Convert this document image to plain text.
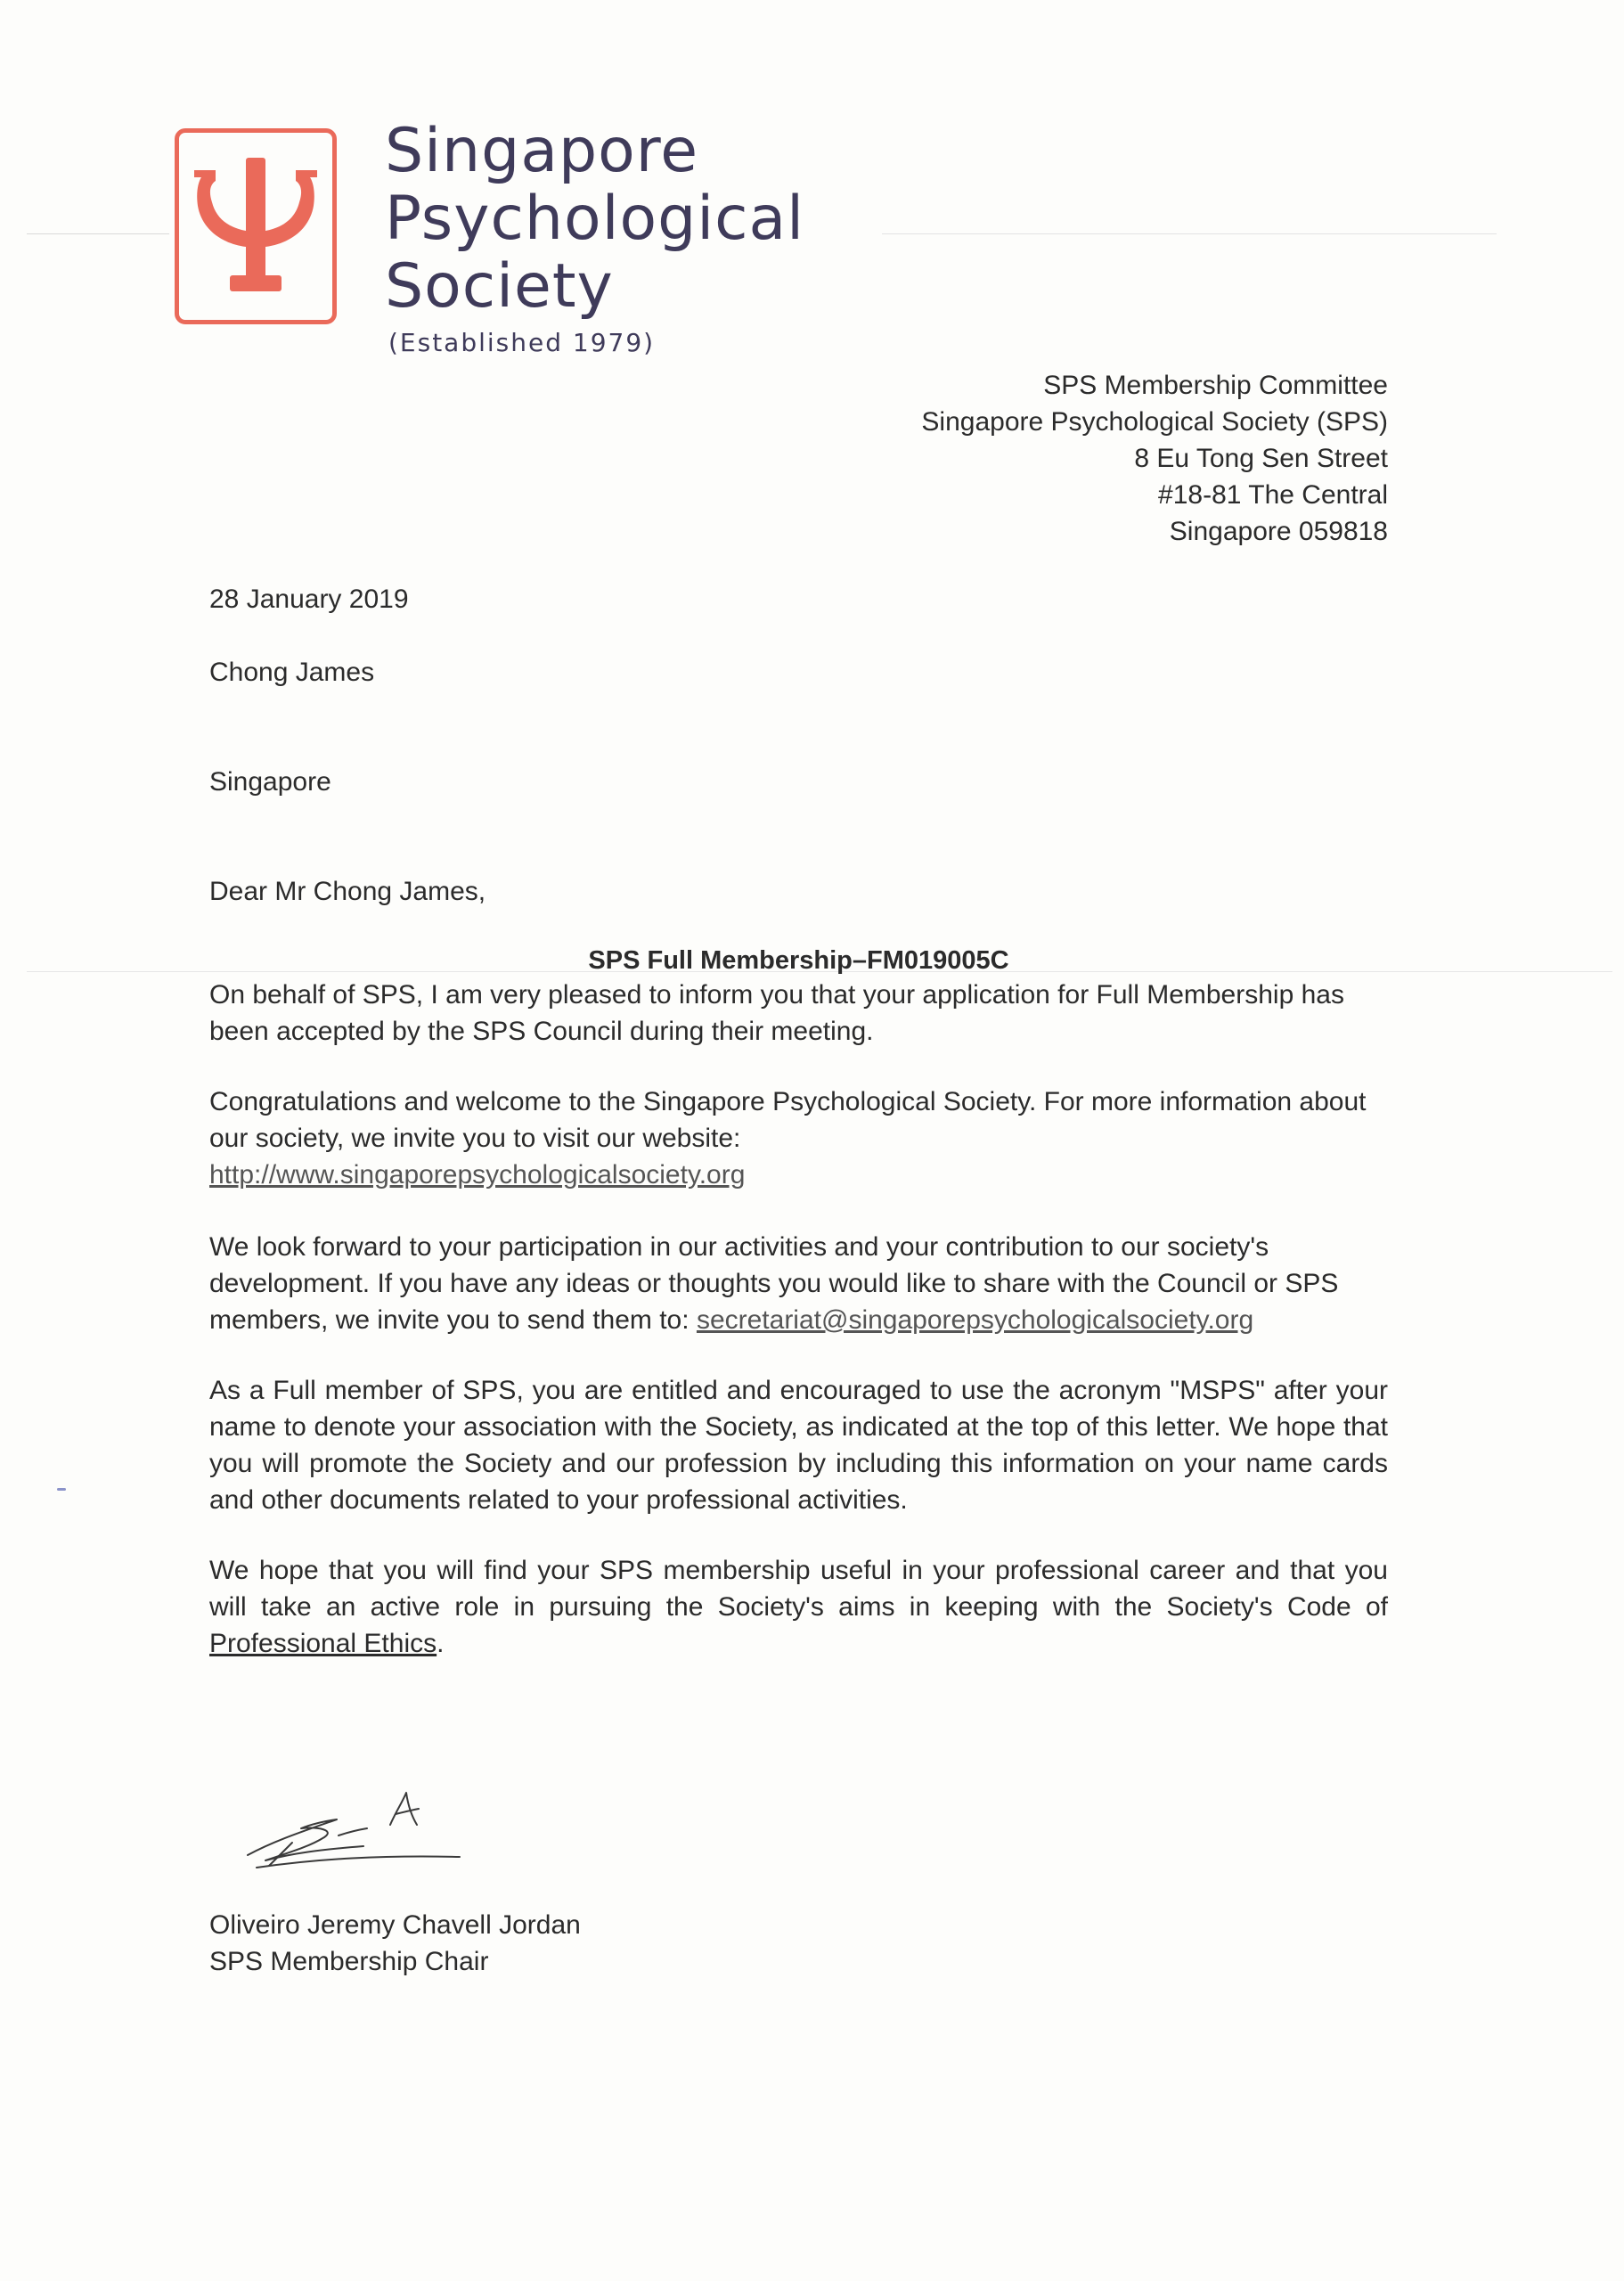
Singapore
Psychological
Society
(Established 1979)
SPS Membership Committee
Singapore Psychological Society (SPS)
8 Eu Tong Sen Street
#18-81 The Central
Singapore 059818
28 January 2019
Chong James
Singapore
Dear Mr Chong James,
SPS Full Membership–FM019005C

On behalf of SPS, I am very pleased to inform you that your application for Full Membership has been accepted by the SPS Council during their meeting.

Congratulations and welcome to the Singapore Psychological Society. For more information about our society, we invite you to visit our website:
http://www.singaporepsychologicalsociety.org

We look forward to your participation in our activities and your contribution to our society's development. If you have any ideas or thoughts you would like to share with the Council or SPS members, we invite you to send them to: secretariat@singaporepsychologicalsociety.org

As a Full member of SPS, you are entitled and encouraged to use the acronym "MSPS" after your name to denote your association with the Society, as indicated at the top of this letter. We hope that you will promote the Society and our profession by including this information on your name cards and other documents related to your professional activities.

We hope that you will find your SPS membership useful in your professional career and that you will take an active role in pursuing the Society's aims in keeping with the Society's Code of Professional Ethics.

Oliveiro Jeremy Chavell Jordan
SPS Membership Chair
